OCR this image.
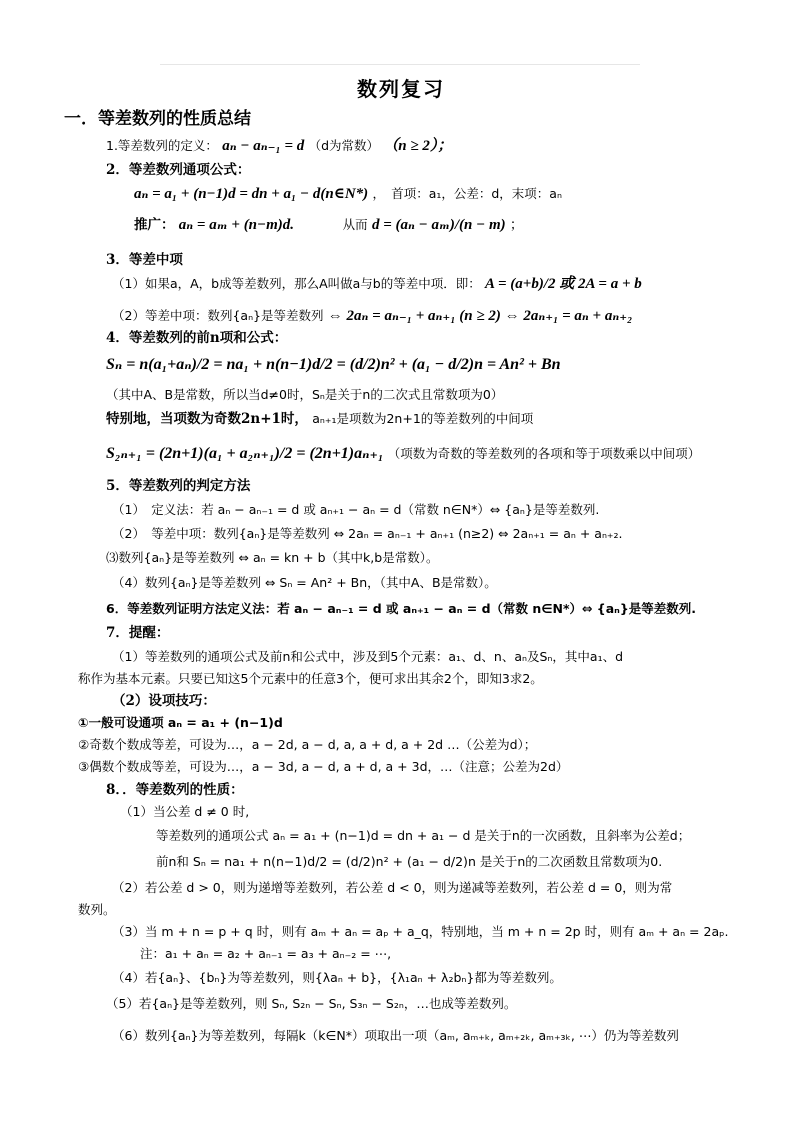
数列复习
一．等差数列的性质总结
1.等差数列的定义： aₙ − aₙ₋₁ = d （d为常数） （n ≥ 2）；
2．等差数列通项公式：
aₙ = a₁ + (n−1)d = dn + a₁ − d(n∈N*) ，　首项：a₁，公差：d，末项：aₙ
推广： aₙ = aₘ + (n−m)d.	从而 d = (aₙ − aₘ)/(n − m) ；
3．等差中项
（1）如果a，A，b成等差数列，那么A叫做a与b的等差中项．即： A = (a+b)/2 或 2A = a + b
（2）等差中项：数列{aₙ}是等差数列 ⇔ 2aₙ = aₙ₋₁ + aₙ₊₁ (n ≥ 2) ⇔ 2aₙ₊₁ = aₙ + aₙ₊₂
4．等差数列的前n项和公式：
Sₙ = n(a₁+aₙ)/2 = na₁ + n(n−1)d/2 = (d/2)n² + (a₁ − d/2)n = An² + Bn
（其中A、B是常数，所以当d≠0时，Sₙ是关于n的二次式且常数项为0）
特别地，当项数为奇数2n+1时， aₙ₊₁是项数为2n+1的等差数列的中间项
S₂ₙ₊₁ = (2n+1)(a₁ + a₂ₙ₊₁)/2 = (2n+1)aₙ₊₁ （项数为奇数的等差数列的各项和等于项数乘以中间项）
5．等差数列的判定方法
（1）　定义法：若 aₙ − aₙ₋₁ = d 或 aₙ₊₁ − aₙ = d（常数 n∈N*）⇔ {aₙ}是等差数列.
（2）　等差中项：数列{aₙ}是等差数列 ⇔ 2aₙ = aₙ₋₁ + aₙ₊₁ (n≥2) ⇔ 2aₙ₊₁ = aₙ + aₙ₊₂.
⑶数列{aₙ}是等差数列 ⇔ aₙ = kn + b（其中k,b是常数）。
（4）数列{aₙ}是等差数列 ⇔ Sₙ = An² + Bn，（其中A、B是常数）。
6．等差数列证明方法定义法：若 aₙ − aₙ₋₁ = d 或 aₙ₊₁ − aₙ = d（常数 n∈N*）⇔ {aₙ}是等差数列.
7．提醒：
（1）等差数列的通项公式及前n和公式中，涉及到5个元素：a₁、d、n、aₙ及Sₙ，其中a₁、d
称作为基本元素。只要已知这5个元素中的任意3个，便可求出其余2个，即知3求2。
（2）设项技巧：
①一般可设通项 aₙ = a₁ + (n−1)d
②奇数个数成等差，可设为…，a − 2d, a − d, a, a + d, a + 2d …（公差为d）；
③偶数个数成等差，可设为…，a − 3d, a − d, a + d, a + 3d，…（注意；公差为2d）
8．．等差数列的性质：
（1）当公差 d ≠ 0 时,
等差数列的通项公式 aₙ = a₁ + (n−1)d = dn + a₁ − d 是关于n的一次函数，且斜率为公差d；
前n和 Sₙ = na₁ + n(n−1)d/2 = (d/2)n² + (a₁ − d/2)n 是关于n的二次函数且常数项为0.
（2）若公差 d > 0，则为递增等差数列，若公差 d < 0，则为递减等差数列，若公差 d = 0，则为常
数列。
（3）当 m + n = p + q 时，则有 aₘ + aₙ = aₚ + a_q，特别地，当 m + n = 2p 时，则有 aₘ + aₙ = 2aₚ.
注：a₁ + aₙ = a₂ + aₙ₋₁ = a₃ + aₙ₋₂ = ⋯,
（4）若{aₙ}、{bₙ}为等差数列，则{λaₙ + b}，{λ₁aₙ + λ₂bₙ}都为等差数列。
（5）若{aₙ}是等差数列，则 Sₙ, S₂ₙ − Sₙ, S₃ₙ − S₂ₙ，…也成等差数列。
（6）数列{aₙ}为等差数列，每隔k（k∈N*）项取出一项（aₘ, aₘ₊ₖ, aₘ₊₂ₖ, aₘ₊₃ₖ, ⋯）仍为等差数列
